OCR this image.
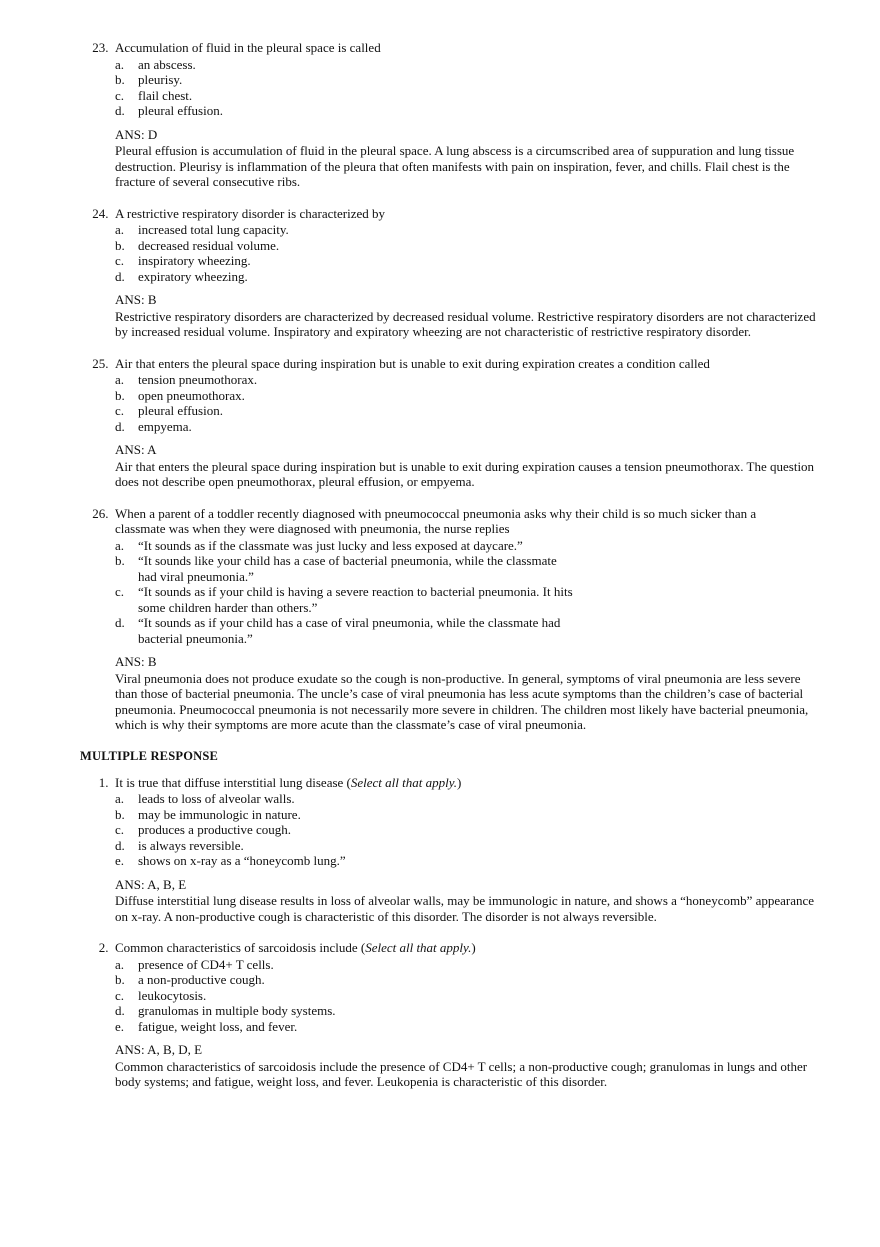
23. Accumulation of fluid in the pleural space is called
a.	an abscess.
b.	pleurisy.
c.	flail chest.
d.	pleural effusion.
ANS: D
Pleural effusion is accumulation of fluid in the pleural space. A lung abscess is a circumscribed area of suppuration and lung tissue destruction. Pleurisy is inflammation of the pleura that often manifests with pain on inspiration, fever, and chills. Flail chest is the fracture of several consecutive ribs.
24. A restrictive respiratory disorder is characterized by
a.	increased total lung capacity.
b.	decreased residual volume.
c.	inspiratory wheezing.
d.	expiratory wheezing.
ANS: B
Restrictive respiratory disorders are characterized by decreased residual volume. Restrictive respiratory disorders are not characterized by increased residual volume. Inspiratory and expiratory wheezing are not characteristic of restrictive respiratory disorder.
25. Air that enters the pleural space during inspiration but is unable to exit during expiration creates a condition called
a.	tension pneumothorax.
b.	open pneumothorax.
c.	pleural effusion.
d.	empyema.
ANS: A
Air that enters the pleural space during inspiration but is unable to exit during expiration causes a tension pneumothorax. The question does not describe open pneumothorax, pleural effusion, or empyema.
26. When a parent of a toddler recently diagnosed with pneumococcal pneumonia asks why their child is so much sicker than a classmate was when they were diagnosed with pneumonia, the nurse replies
a.	“It sounds as if the classmate was just lucky and less exposed at daycare.”
b.	“It sounds like your child has a case of bacterial pneumonia, while the classmate had viral pneumonia.”
c.	“It sounds as if your child is having a severe reaction to bacterial pneumonia. It hits some children harder than others.”
d.	“It sounds as if your child has a case of viral pneumonia, while the classmate had bacterial pneumonia.”
ANS: B
Viral pneumonia does not produce exudate so the cough is non-productive. In general, symptoms of viral pneumonia are less severe than those of bacterial pneumonia. The uncle’s case of viral pneumonia has less acute symptoms than the children’s case of bacterial pneumonia. Pneumococcal pneumonia is not necessarily more severe in children. The children most likely have bacterial pneumonia, which is why their symptoms are more acute than the classmate’s case of viral pneumonia.
MULTIPLE RESPONSE
1. It is true that diffuse interstitial lung disease (Select all that apply.)
a.	leads to loss of alveolar walls.
b.	may be immunologic in nature.
c.	produces a productive cough.
d.	is always reversible.
e.	shows on x-ray as a “honeycomb lung.”
ANS: A, B, E
Diffuse interstitial lung disease results in loss of alveolar walls, may be immunologic in nature, and shows a “honeycomb” appearance on x-ray. A non-productive cough is characteristic of this disorder. The disorder is not always reversible.
2. Common characteristics of sarcoidosis include (Select all that apply.)
a.	presence of CD4+ T cells.
b.	a non-productive cough.
c.	leukocytosis.
d.	granulomas in multiple body systems.
e.	fatigue, weight loss, and fever.
ANS: A, B, D, E
Common characteristics of sarcoidosis include the presence of CD4+ T cells; a non-productive cough; granulomas in lungs and other body systems; and fatigue, weight loss, and fever. Leukopenia is characteristic of this disorder.
